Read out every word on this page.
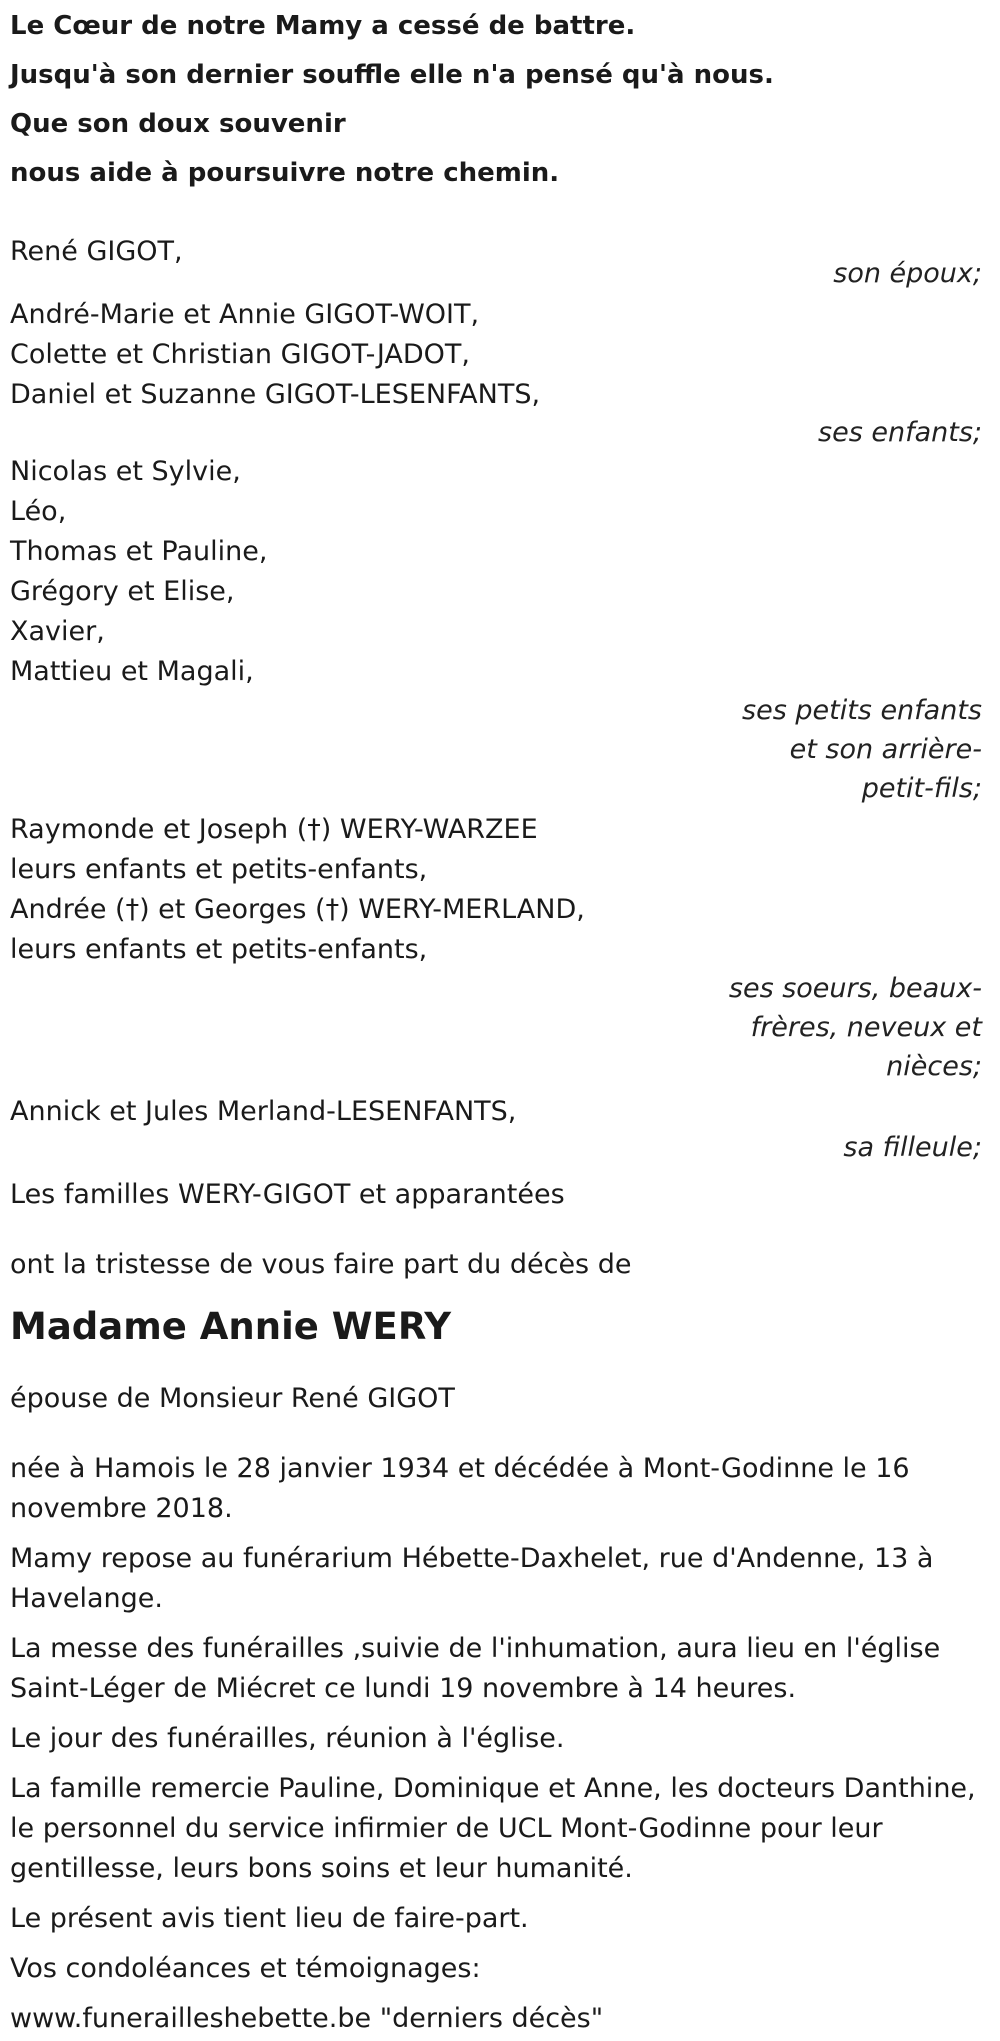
Le Cœur de notre Mamy a cessé de battre.
Jusqu'à son dernier souffle elle n'a pensé qu'à nous.
Que son doux souvenir
nous aide à poursuivre notre chemin.
René GIGOT,
son époux;
André-Marie et Annie GIGOT-WOIT,
Colette et Christian GIGOT-JADOT,
Daniel et Suzanne GIGOT-LESENFANTS,
ses enfants;
Nicolas et Sylvie,
Léo,
Thomas et Pauline,
Grégory et Elise,
Xavier,
Mattieu et Magali,
ses petits enfants
et son arrière-
petit-fils;
Raymonde et Joseph (†) WERY-WARZEE
leurs enfants et petits-enfants,
Andrée (†) et Georges (†) WERY-MERLAND,
leurs enfants et petits-enfants,
ses soeurs, beaux-
frères, neveux et
nièces;
Annick et Jules Merland-LESENFANTS,
sa filleule;
Les familles WERY-GIGOT et apparantées
ont la tristesse de vous faire part du décès de
Madame Annie WERY
épouse de Monsieur René GIGOT
née à Hamois le 28 janvier 1934 et décédée à Mont-Godinne le 16 novembre 2018.
Mamy repose au funérarium Hébette-Daxhelet, rue d'Andenne, 13 à Havelange.
La messe des funérailles ,suivie de l'inhumation, aura lieu en l'église Saint-Léger de Miécret ce lundi 19 novembre à 14 heures.
Le jour des funérailles, réunion à l'église.
La famille remercie Pauline, Dominique et Anne, les docteurs Danthine, le personnel du service infirmier de UCL Mont-Godinne pour leur gentillesse, leurs bons soins et leur humanité.
Le présent avis tient lieu de faire-part.
Vos condoléances et témoignages:
www.funerailleshebette.be "derniers décès"
